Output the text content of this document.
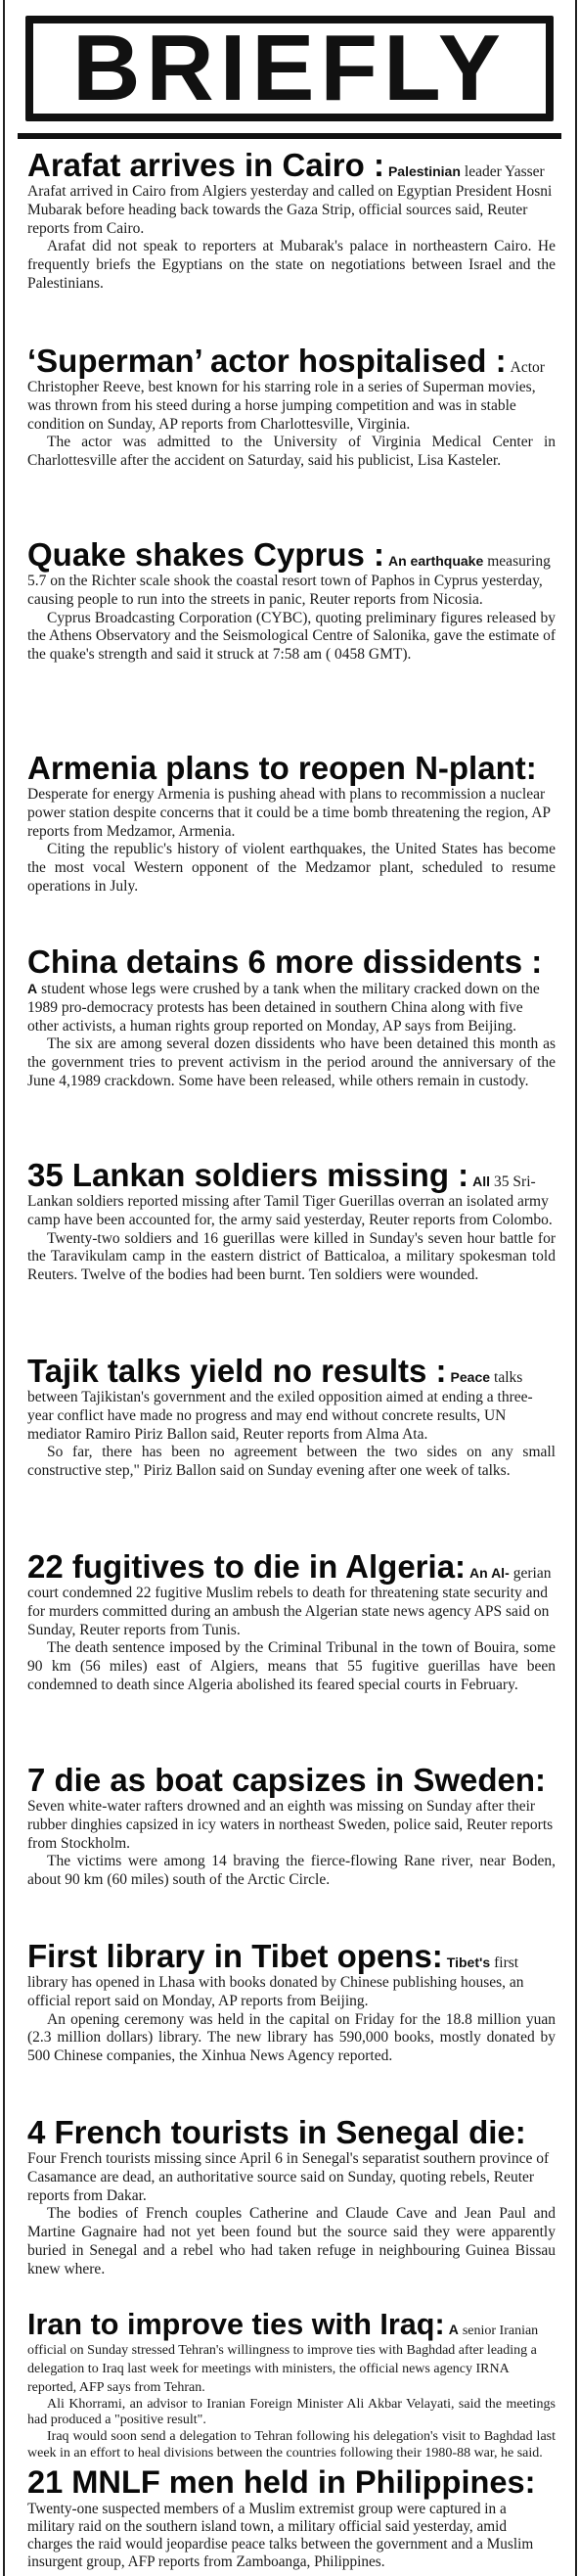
BRIEFLY

Arafat arrives in Cairo : Palestinian leader Yasser Arafat arrived in Cairo from Algiers yesterday and called on Egyptian President Hosni Mubarak before heading back towards the Gaza Strip, official sources said, Reuter reports from Cairo.

Arafat did not speak to reporters at Mubarak's palace in northeastern Cairo. He frequently briefs the Egyptians on the state on negotiations between Israel and the Palestinians.

‘Superman’ actor hospitalised : Actor Christopher Reeve, best known for his starring role in a series of Superman movies, was thrown from his steed during a horse jumping competition and was in stable condition on Sunday, AP reports from Charlottesville, Virginia.

The actor was admitted to the University of Virginia Medical Center in Charlottesville after the accident on Saturday, said his publicist, Lisa Kasteler.

Quake shakes Cyprus : An earthquake measuring 5.7 on the Richter scale shook the coastal resort town of Paphos in Cyprus yesterday, causing people to run into the streets in panic, Reuter reports from Nicosia.

Cyprus Broadcasting Corporation (CYBC), quoting preliminary figures released by the Athens Observatory and the Seismological Centre of Salonika, gave the estimate of the quake's strength and said it struck at 7:58 am ( 0458 GMT).

Armenia plans to reopen N-plant: Desperate for energy Armenia is pushing ahead with plans to recommission a nuclear power station despite concerns that it could be a time bomb threatening the region, AP reports from Medzamor, Armenia.

Citing the republic's history of violent earthquakes, the United States has become the most vocal Western opponent of the Medzamor plant, scheduled to resume operations in July.

China detains 6 more dissidents : A student whose legs were crushed by a tank when the military cracked down on the 1989 pro-democracy protests has been detained in southern China along with five other activists, a human rights group reported on Monday, AP says from Beijing.

The six are among several dozen dissidents who have been detained this month as the government tries to prevent activism in the period around the anniversary of the June 4,1989 crackdown. Some have been released, while others remain in custody.

35 Lankan soldiers missing : All 35 Sri-Lankan soldiers reported missing after Tamil Tiger Guerillas overran an isolated army camp have been accounted for, the army said yesterday, Reuter reports from Colombo.

Twenty-two soldiers and 16 guerillas were killed in Sunday's seven hour battle for the Taravikulam camp in the eastern district of Batticaloa, a military spokesman told Reuters. Twelve of the bodies had been burnt. Ten soldiers were wounded.

Tajik talks yield no results : Peace talks between Tajikistan's government and the exiled opposition aimed at ending a three-year conflict have made no progress and may end without concrete results, UN mediator Ramiro Piriz Ballon said, Reuter reports from Alma Ata.

So far, there has been no agreement between the two sides on any small constructive step," Piriz Ballon said on Sunday evening after one week of talks.

22 fugitives to die in Algeria: An Al- gerian court condemned 22 fugitive Muslim rebels to death for threatening state security and for murders committed during an ambush the Algerian state news agency APS said on Sunday, Reuter reports from Tunis.

The death sentence imposed by the Criminal Tribunal in the town of Bouira, some 90 km (56 miles) east of Algiers, means that 55 fugitive guerillas have been condemned to death since Algeria abolished its feared special courts in February.

7 die as boat capsizes in Sweden: Seven white-water rafters drowned and an eighth was missing on Sunday after their rubber dinghies capsized in icy waters in northeast Sweden, police said, Reuter reports from Stockholm.

The victims were among 14 braving the fierce-flowing Rane river, near Boden, about 90 km (60 miles) south of the Arctic Circle.

First library in Tibet opens: Tibet's first library has opened in Lhasa with books donated by Chinese publishing houses, an official report said on Monday, AP reports from Beijing.

An opening ceremony was held in the capital on Friday for the 18.8 million yuan (2.3 million dollars) library. The new library has 590,000 books, mostly donated by 500 Chinese companies, the Xinhua News Agency reported.

4 French tourists in Senegal die: Four French tourists missing since April 6 in Senegal's separatist southern province of Casamance are dead, an authoritative source said on Sunday, quoting rebels, Reuter reports from Dakar.

The bodies of French couples Catherine and Claude Cave and Jean Paul and Martine Gagnaire had not yet been found but the source said they were apparently buried in Senegal and a rebel who had taken refuge in neighbouring Guinea Bissau knew where.

Iran to improve ties with Iraq: A senior Iranian official on Sunday stressed Tehran's willingness to improve ties with Baghdad after leading a delegation to Iraq last week for meetings with ministers, the official news agency IRNA reported, AFP says from Tehran.

Ali Khorrami, an advisor to Iranian Foreign Minister Ali Akbar Velayati, said the meetings had produced a "positive result".

Iraq would soon send a delegation to Tehran following his delegation's visit to Baghdad last week in an effort to heal divisions between the countries following their 1980-88 war, he said.

21 MNLF men held in Philippines: Twenty-one suspected members of a Muslim extremist group were captured in a military raid on the southern island town, a military official said yesterday, amid charges the raid would jeopardise peace talks between the government and a Muslim insurgent group, AFP reports from Zamboanga, Philippines.
